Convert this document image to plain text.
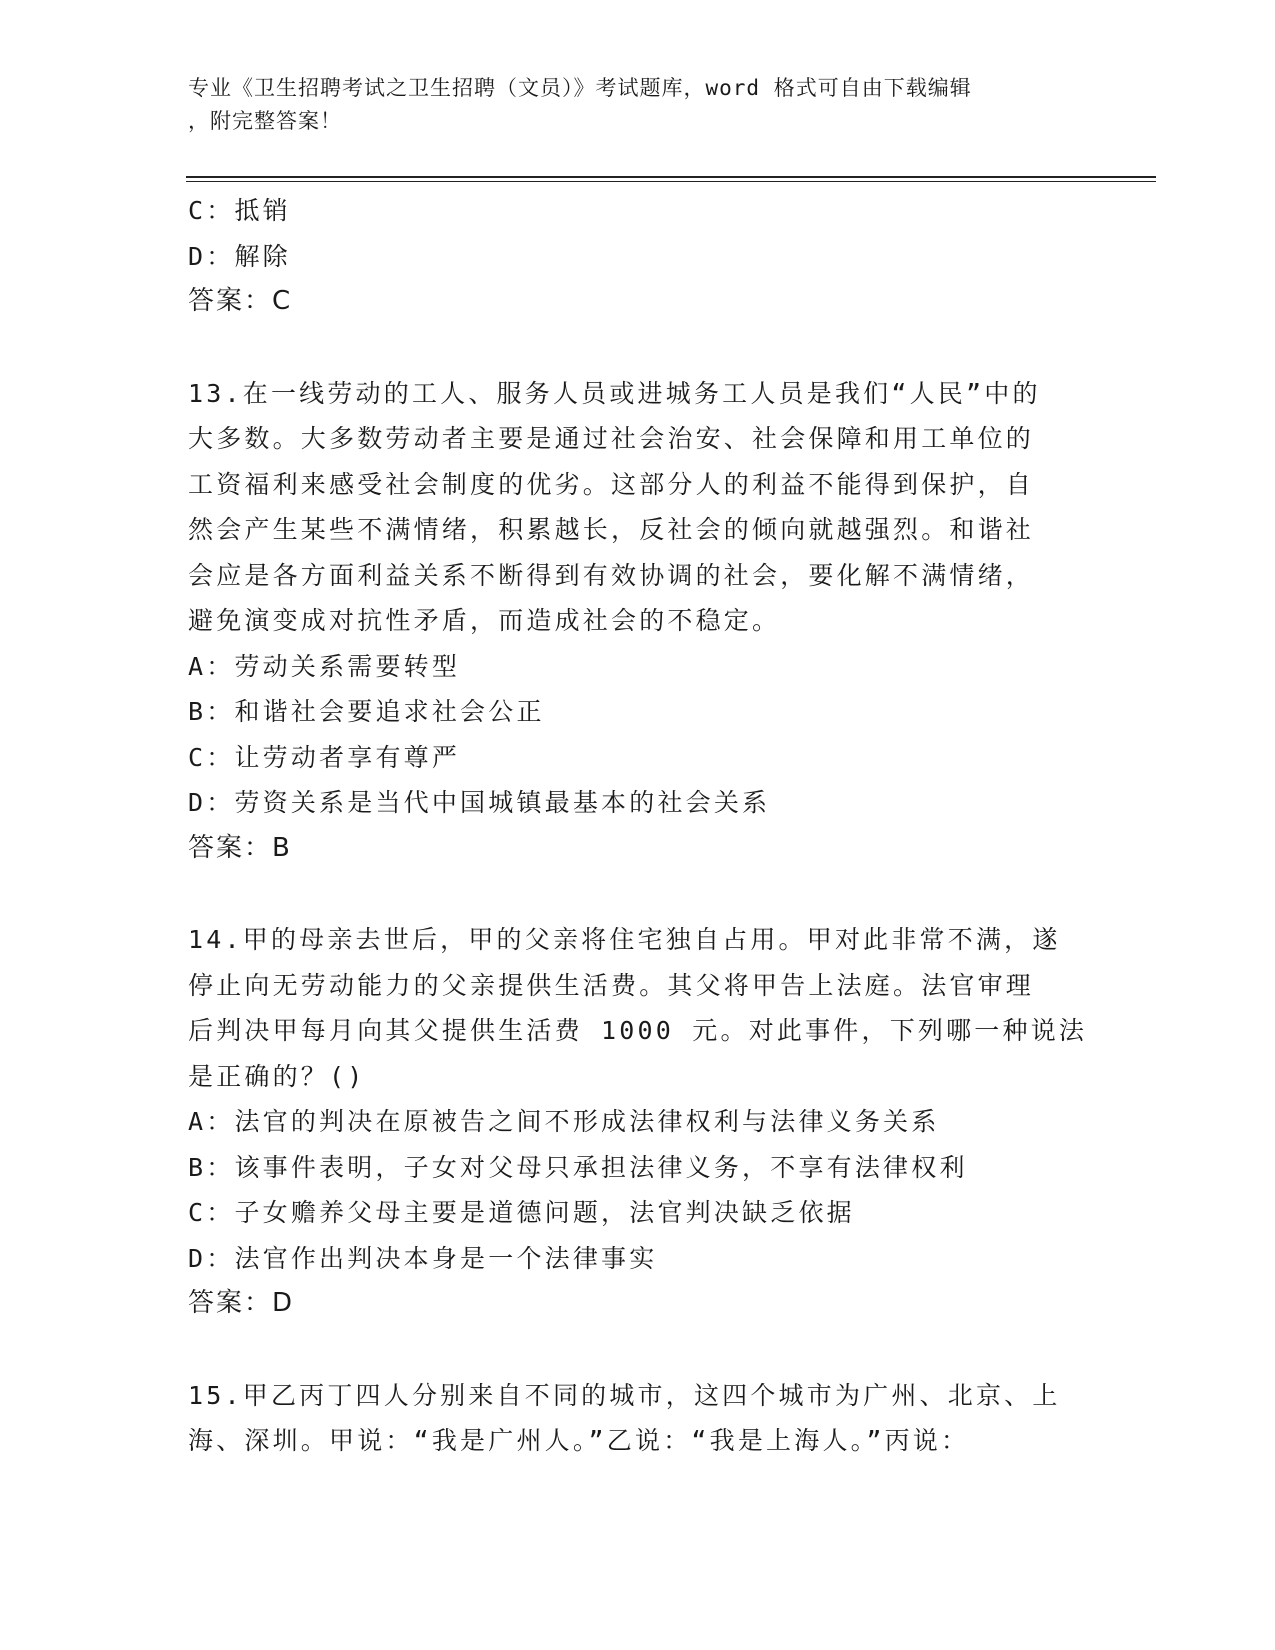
专业《卫生招聘考试之卫生招聘（文员）》考试题库，word 格式可自由下载编辑
，附完整答案！
C：抵销
D：解除
答案：C
13.在一线劳动的工人、服务人员或进城务工人员是我们“人民”中的
大多数。大多数劳动者主要是通过社会治安、社会保障和用工单位的
工资福利来感受社会制度的优劣。这部分人的利益不能得到保护，自
然会产生某些不满情绪，积累越长，反社会的倾向就越强烈。和谐社
会应是各方面利益关系不断得到有效协调的社会，要化解不满情绪，
避免演变成对抗性矛盾，而造成社会的不稳定。
A：劳动关系需要转型
B：和谐社会要追求社会公正
C：让劳动者享有尊严
D：劳资关系是当代中国城镇最基本的社会关系
答案：B
14.甲的母亲去世后，甲的父亲将住宅独自占用。甲对此非常不满，遂
停止向无劳动能力的父亲提供生活费。其父将甲告上法庭。法官审理
后判决甲每月向其父提供生活费 1000 元。对此事件，下列哪一种说法
是正确的？()
A：法官的判决在原被告之间不形成法律权利与法律义务关系
B：该事件表明，子女对父母只承担法律义务，不享有法律权利
C：子女赡养父母主要是道德问题，法官判决缺乏依据
D：法官作出判决本身是一个法律事实
答案：D
15.甲乙丙丁四人分别来自不同的城市，这四个城市为广州、北京、上
海、深圳。甲说：“我是广州人。”乙说：“我是上海人。”丙说：
